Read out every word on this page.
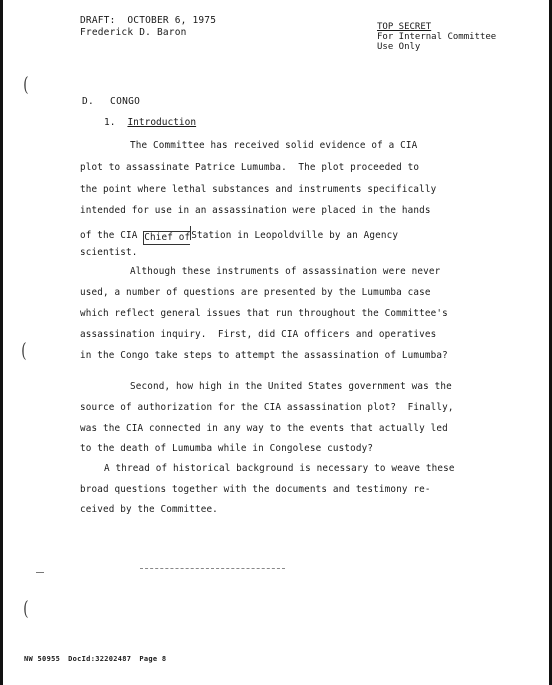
DRAFT:  OCTOBER 6, 1975
Frederick D. Baron	TOP SECRET
For Internal Committee
Use Only
(
(
(
D. CONGO
1. Introduction
The Committee has received solid evidence of a CIA
plot to assassinate Patrice Lumumba.  The plot proceeded to
the point where lethal substances and instruments specifically
intended for use in an assassination were placed in the hands
of the CIA Chief ofStation in Leopoldville by an Agency
scientist.
Although these instruments of assassination were never
used, a number of questions are presented by the Lumumba case
which reflect general issues that run throughout the Committee's
assassination inquiry.  First, did CIA officers and operatives
in the Congo take steps to attempt the assassination of Lumumba?
Second, how high in the United States government was the
source of authorization for the CIA assassination plot?  Finally,
was the CIA connected in any way to the events that actually led
to the death of Lumumba while in Congolese custody?
A thread of historical background is necessary to weave these
broad questions together with the documents and testimony re-
ceived by the Committee.
NW 50955 DocId:32202487 Page 8
